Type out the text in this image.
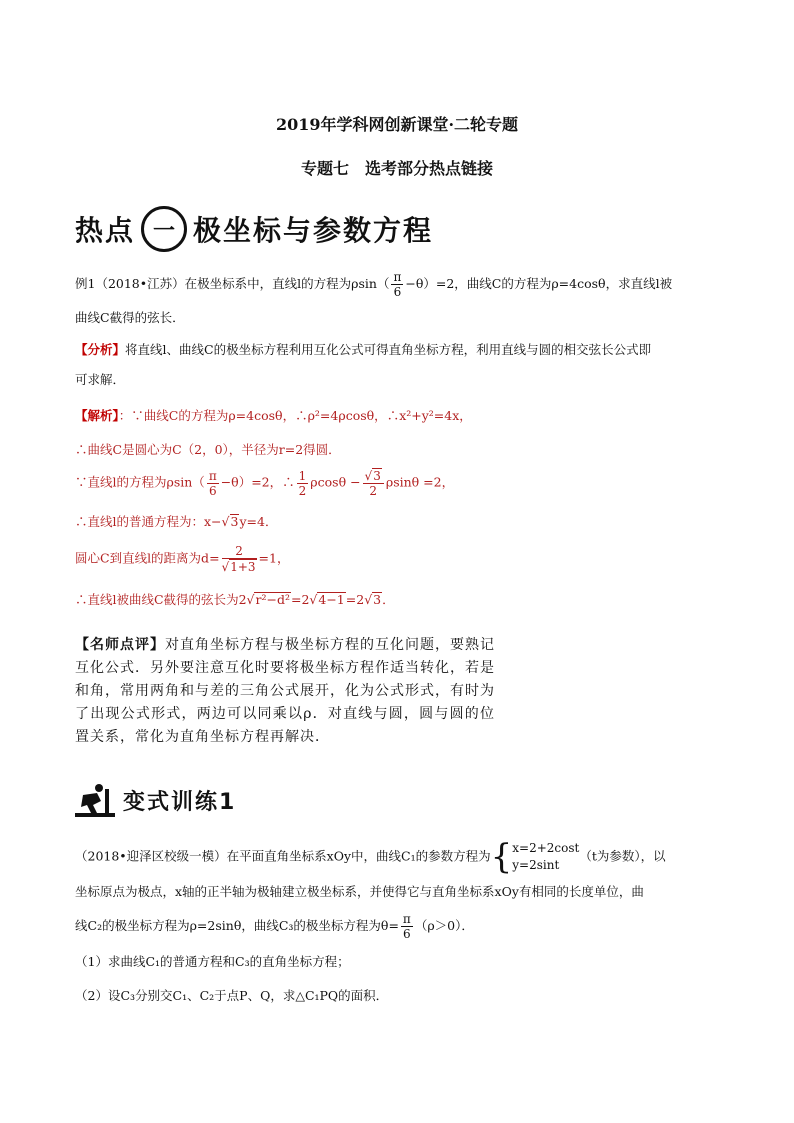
2019年学科网创新课堂·二轮专题
专题七　选考部分热点链接
热点 一 极坐标与参数方程
例1（2018•江苏）在极坐标系中，直线l的方程为$\rho\sin( \frac{\pi}{6} -\theta)=2$，曲线C的方程为ρ=4cosθ，求直线l被
曲线C截得的弦长．
【分析】将直线l、曲线C的极坐标方程利用互化公式可得直角坐标方程，利用直线与圆的相交弦长公式即
可求解．
【解析】：∵曲线C的方程为ρ=4cosθ，∴ρ²=4ρcosθ，∴x²+y²=4x，
∴曲线C是圆心为C（2，0），半径为r=2得圆．
∵直线l的方程为$\rho\sin( \frac{\pi}{6} -\theta)=2$，∴ $\frac{1}{2}$ $\rho\cos\theta - \frac{√3}{2}$ ρsinθ =2，
∴直线l的普通方程为：x−√3y=4．
圆心C到直线l的距离为$d= \frac{2}{√1+3} =1$，
∴直线l被曲线C截得的弦长为2√r²−d²=2√4−1=2√3．
【名师点评】对直角坐标方程与极坐标方程的互化问题，要熟记互化公式．另外要注意互化时要将极坐标方程作适当转化，若是和角，常用两角和与差的三角公式展开，化为公式形式，有时为了出现公式形式，两边可以同乘以ρ．对直线与圆，圆与圆的位置关系，常化为直角坐标方程再解决．
变式训练1
（2018•迎泽区校级一模）在平面直角坐标系xOy中，曲线C₁的参数方程为{ x=2+2cost
y=2sint
（t为参数），以
坐标原点为极点，x轴的正半轴为极轴建立极坐标系，并使得它与直角坐标系xOy有相同的长度单位，曲
线C₂的极坐标方程为ρ=2sinθ，曲线C₃的极坐标方程为$\theta= \frac{\pi}{6} (\rho>0)$．
（1）求曲线C₁的普通方程和C₃的直角坐标方程；
（2）设C₃分别交C₁、C₂于点P、Q，求△C₁PQ的面积．
